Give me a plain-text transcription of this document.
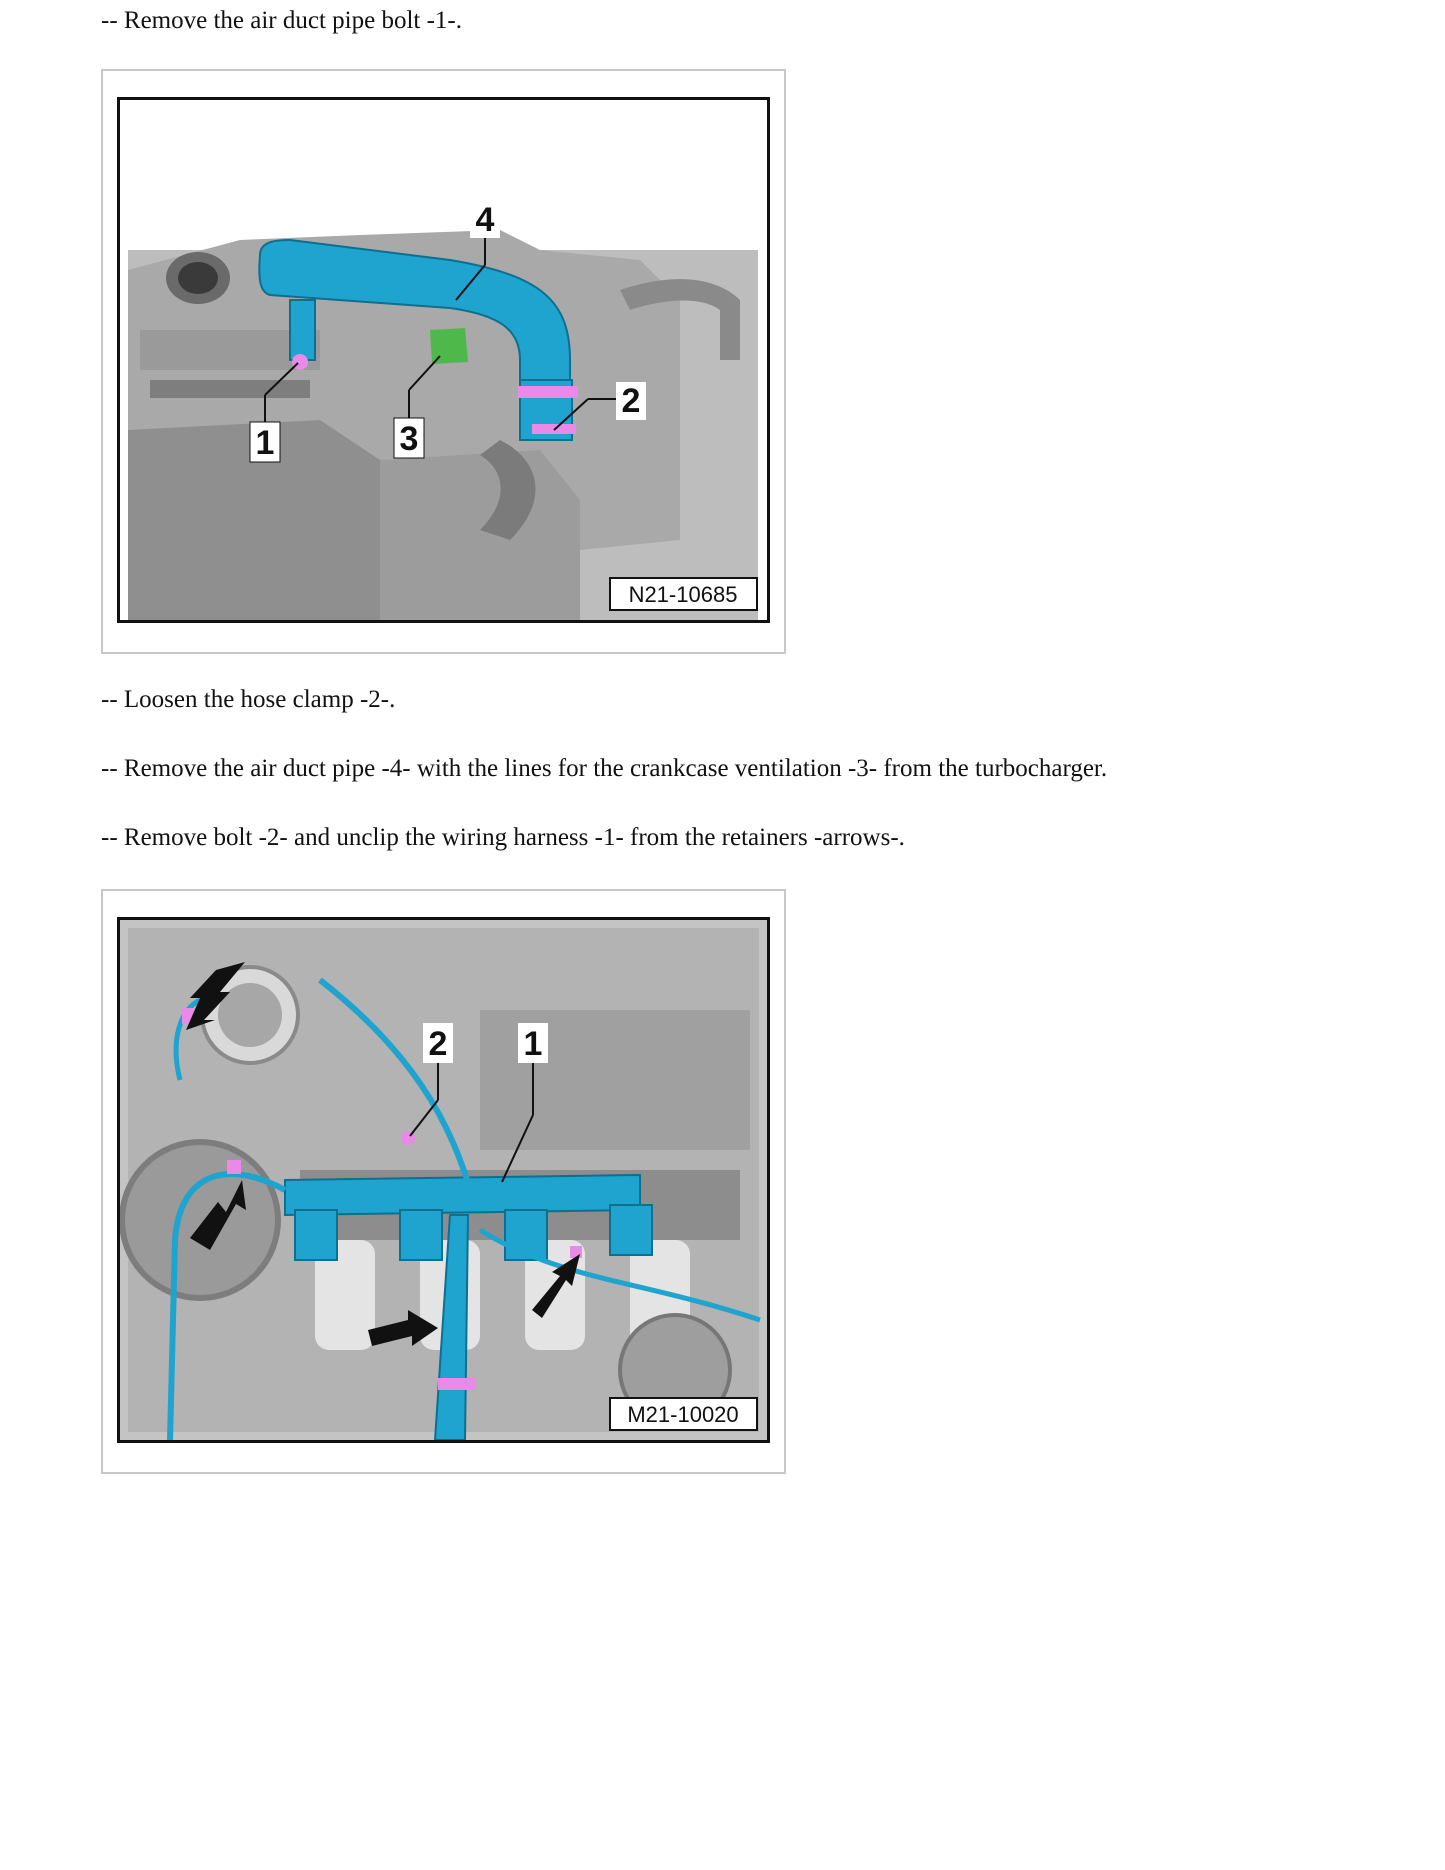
-- Remove the air duct pipe bolt -1-.

4
1	3
2
N21-10685

-- Loosen the hose clamp -2-.

-- Remove the air duct pipe -4- with the lines for the crankcase ventilation -3- from the turbocharger.

-- Remove bolt -2- and unclip the wiring harness -1- from the retainers -arrows-.

2 1
M21-10020
